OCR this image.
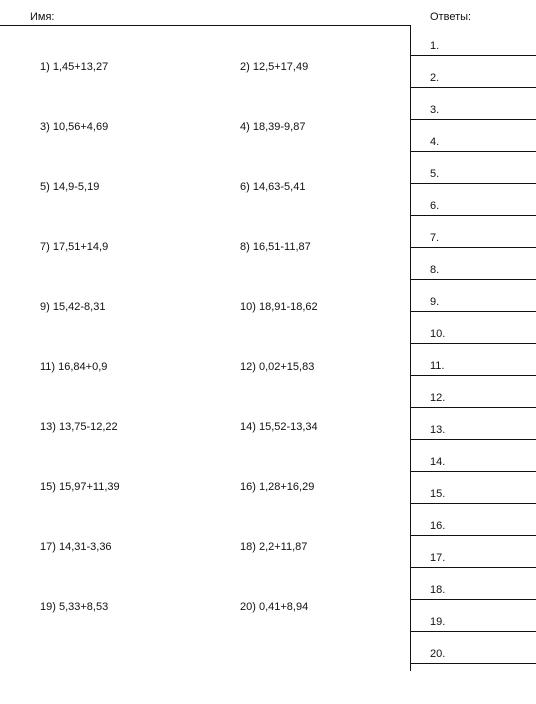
Имя:	Ответы:
1) 1,45+13,27	2) 12,5+17,49
3) 10,56+4,69	4) 18,39-9,87
5) 14,9-5,19	6) 14,63-5,41
7) 17,51+14,9	8) 16,51-11,87
9) 15,42-8,31	10) 18,91-18,62
11) 16,84+0,9	12) 0,02+15,83
13) 13,75-12,22	14) 15,52-13,34
15) 15,97+11,39	16) 1,28+16,29
17) 14,31-3,36	18) 2,2+11,87
19) 5,33+8,53	20) 0,41+8,94
1.
2.
3.
4.
5.
6.
7.
8.
9.
10.
11.
12.
13.
14.
15.
16.
17.
18.
19.
20.
